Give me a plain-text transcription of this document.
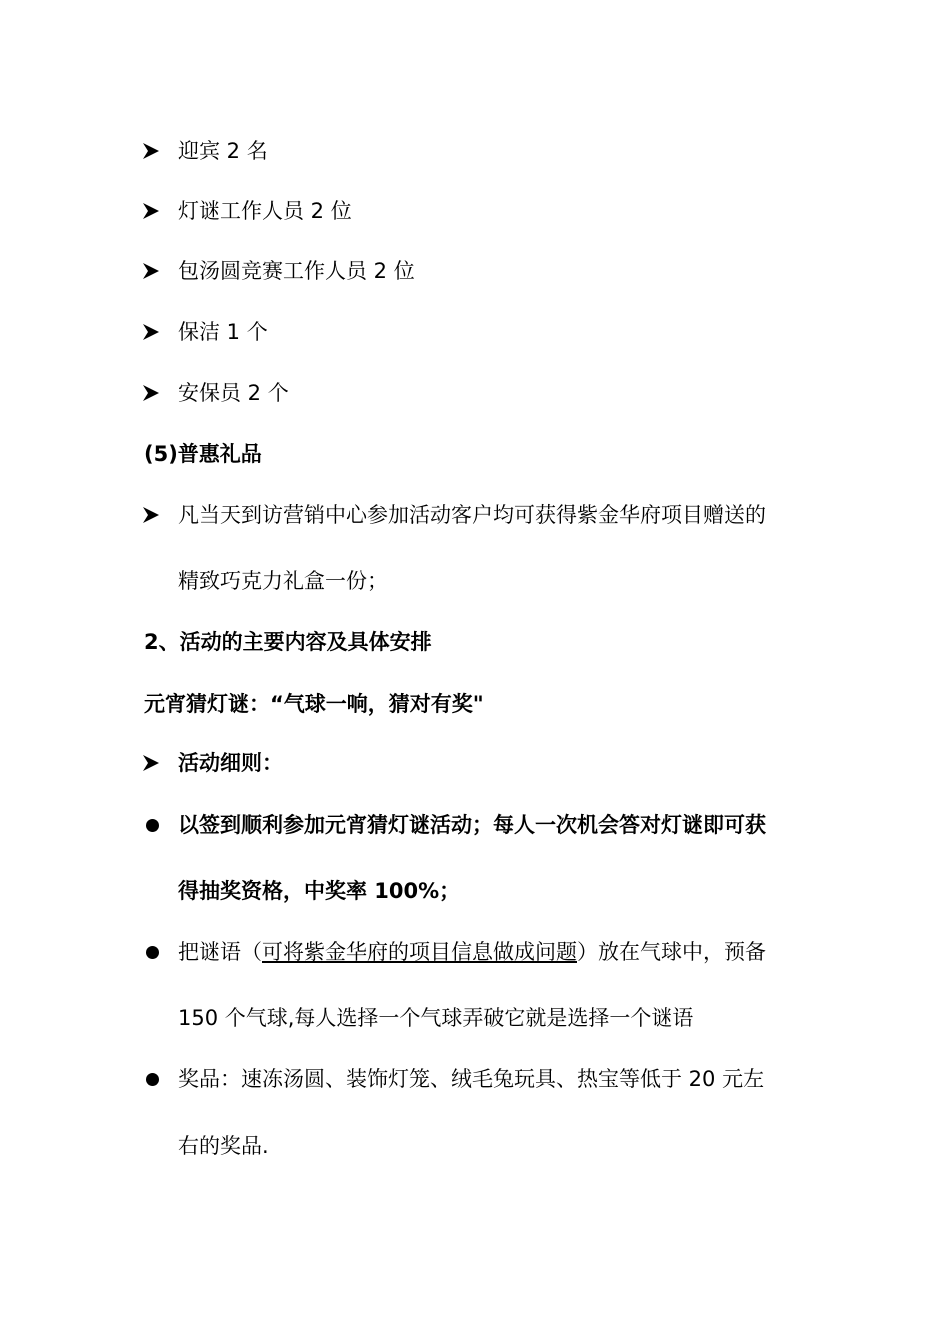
迎宾 2 名
灯谜工作人员 2 位
包汤圆竞赛工作人员 2 位
保洁 1 个
安保员 2 个
(5)普惠礼品
凡当天到访营销中心参加活动客户均可获得紫金华府项目赠送的
精致巧克力礼盒一份；
2、活动的主要内容及具体安排
元宵猜灯谜：“气球一响，猜对有奖"
活动细则：
以签到顺利参加元宵猜灯谜活动；每人一次机会答对灯谜即可获
得抽奖资格，中奖率 100%；
把谜语（可将紫金华府的项目信息做成问题）放在气球中，预备
150 个气球,每人选择一个气球弄破它就是选择一个谜语
奖品：速冻汤圆、装饰灯笼、绒毛兔玩具、热宝等低于 20 元左
右的奖品.
